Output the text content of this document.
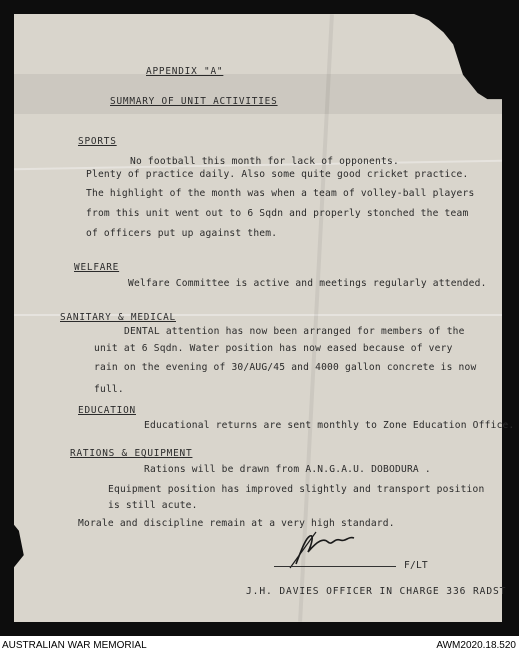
APPENDIX "A"
SUMMARY OF UNIT ACTIVITIES
SPORTS
No football this month for lack of opponents.
Plenty of practice daily. Also some quite good cricket practice.
The highlight of the month was when a team of volley-ball players
from this unit went out to 6 Sqdn and properly stonched the team
of officers put up against them.
WELFARE
Welfare Committee is active and meetings regularly attended.
SANITARY & MEDICAL
DENTAL attention has now been arranged for members of the
unit at 6 Sqdn. Water position has now eased because of very
rain on the evening of 30/AUG/45 and 4000 gallon concrete is now
full.
EDUCATION
Educational returns are sent monthly to Zone Education Office.
RATIONS & EQUIPMENT
Rations will be drawn from A.N.G.A.U. DOBODURA .
Equipment position has improved slightly and transport position
is still acute.
Morale and discipline remain at a very high standard.
F/LT
J.H. DAVIES OFFICER IN CHARGE 336 RADST
AUSTRALIAN WAR MEMORIAL	AWM2020.18.520
